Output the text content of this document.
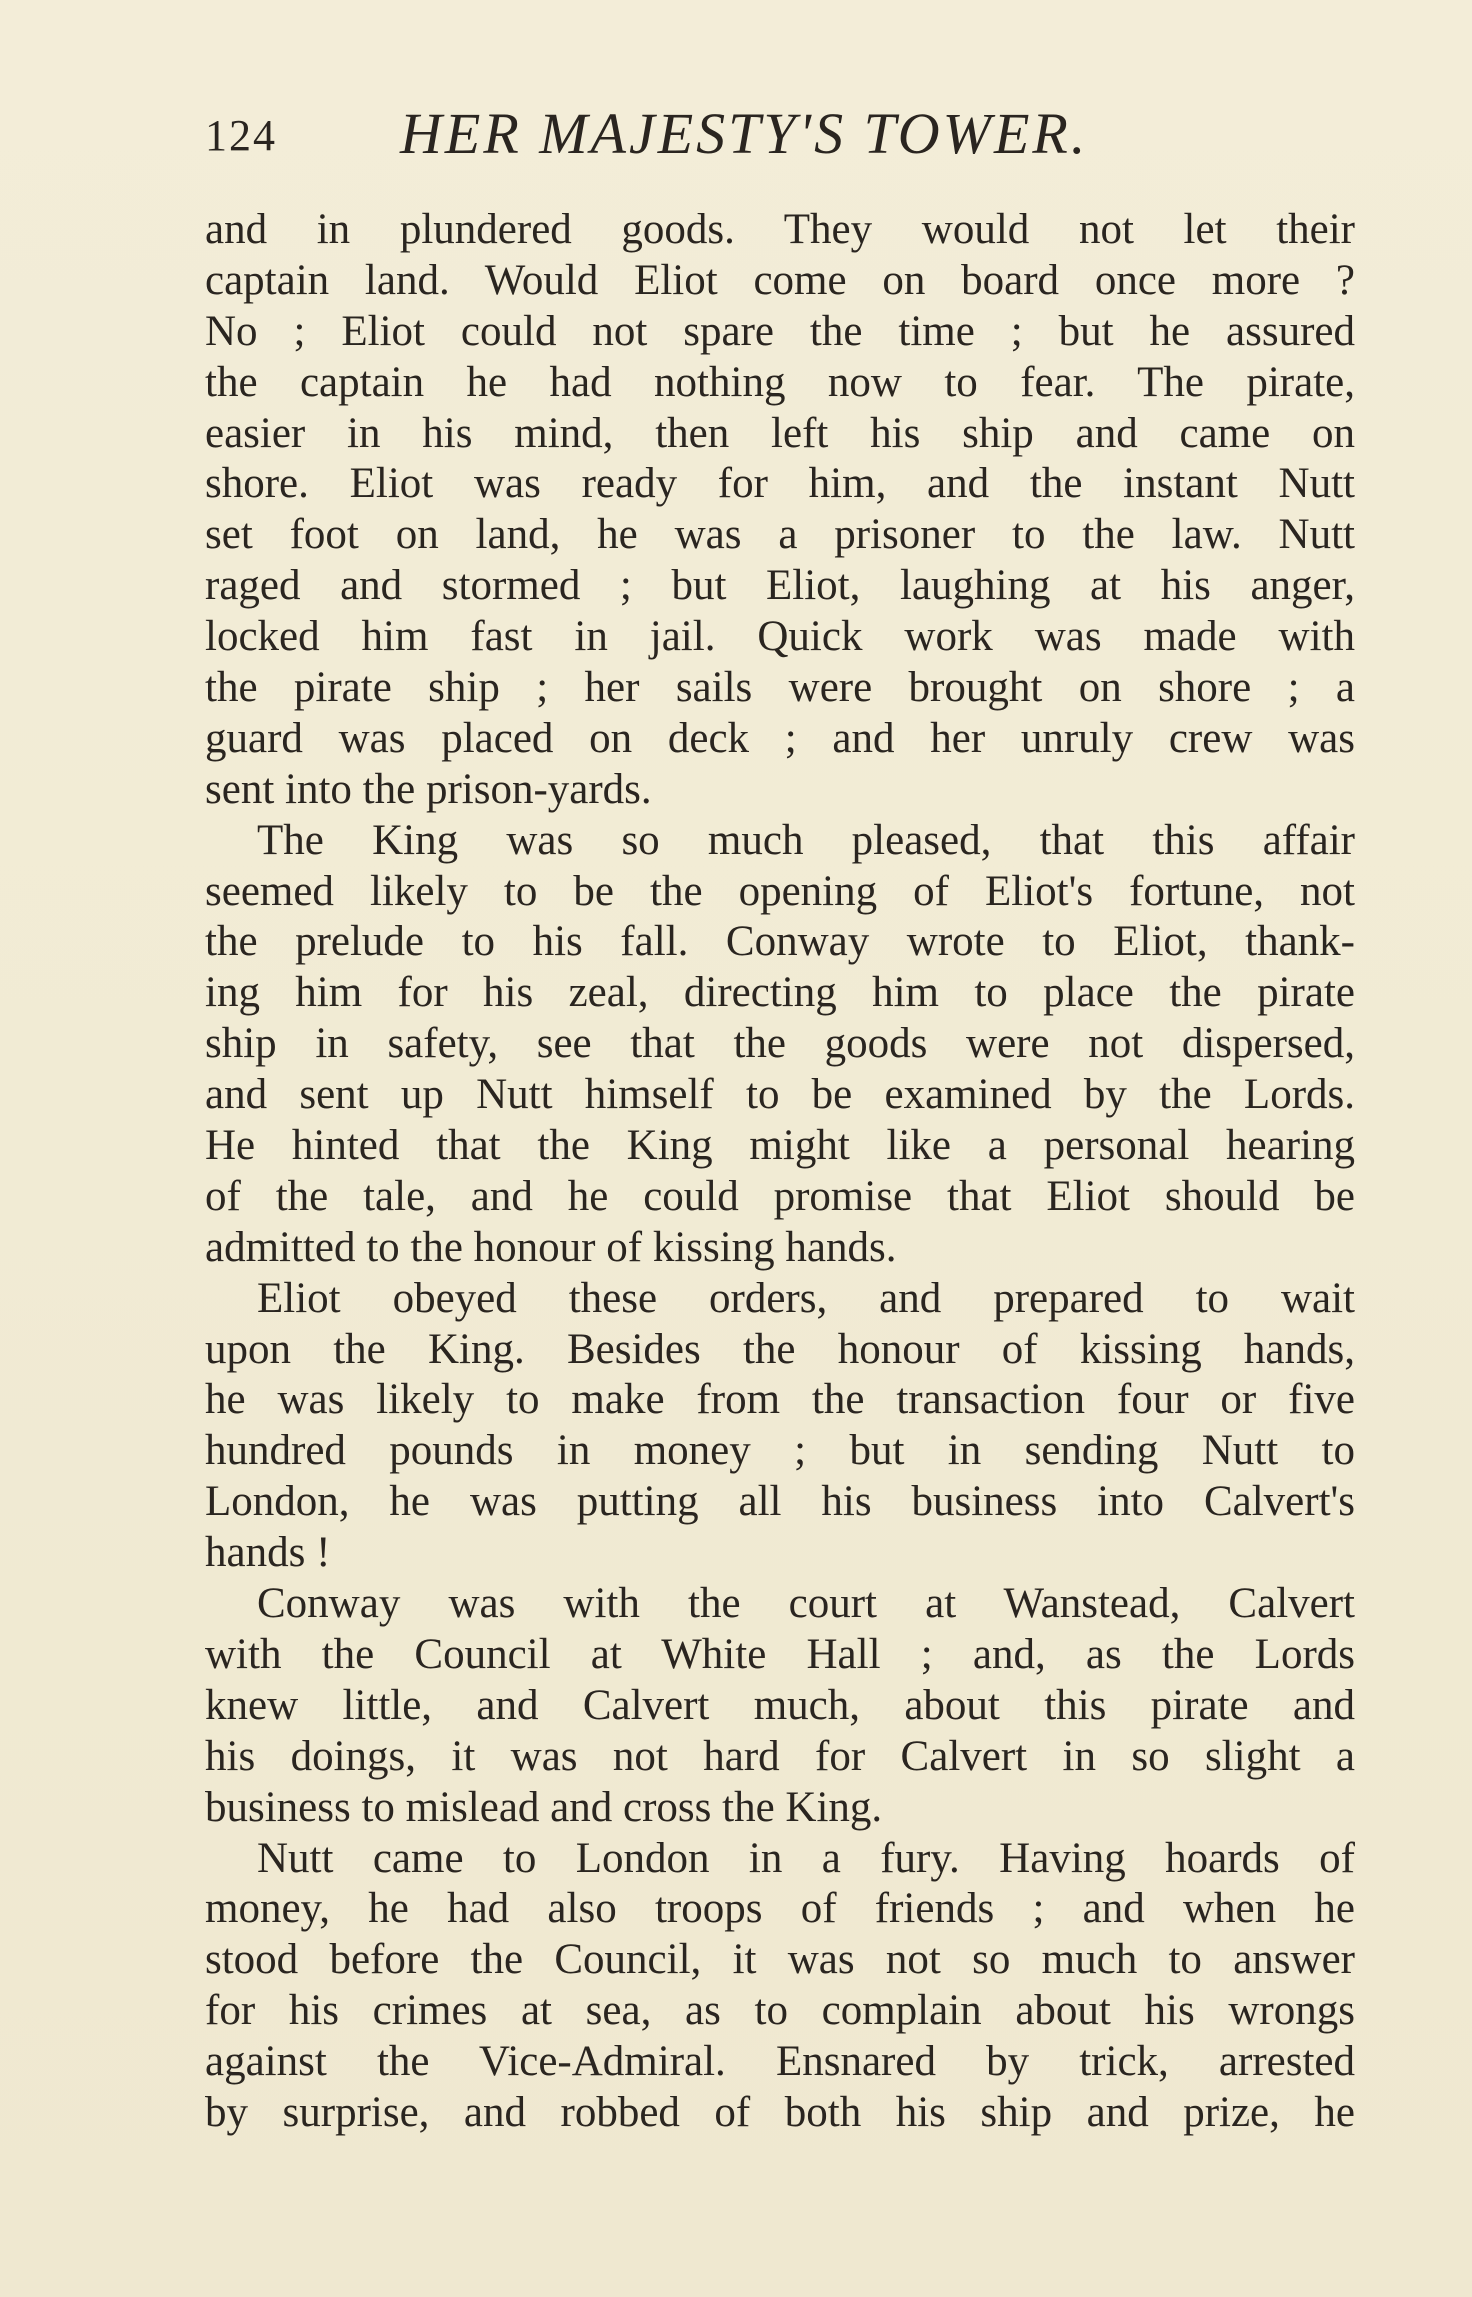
124 HER MAJESTY'S TOWER.
and in plundered goods. They would not let their
captain land. Would Eliot come on board once more ?
No ; Eliot could not spare the time ; but he assured
the captain he had nothing now to fear. The pirate,
easier in his mind, then left his ship and came on
shore. Eliot was ready for him, and the instant Nutt
set foot on land, he was a prisoner to the law. Nutt
raged and stormed ; but Eliot, laughing at his anger,
locked him fast in jail. Quick work was made with
the pirate ship ; her sails were brought on shore ; a
guard was placed on deck ; and her unruly crew was
sent into the prison-yards.
The King was so much pleased, that this affair
seemed likely to be the opening of Eliot's fortune, not
the prelude to his fall. Conway wrote to Eliot, thank-
ing him for his zeal, directing him to place the pirate
ship in safety, see that the goods were not dispersed,
and sent up Nutt himself to be examined by the Lords.
He hinted that the King might like a personal hearing
of the tale, and he could promise that Eliot should be
admitted to the honour of kissing hands.
Eliot obeyed these orders, and prepared to wait
upon the King. Besides the honour of kissing hands,
he was likely to make from the transaction four or five
hundred pounds in money ; but in sending Nutt to
London, he was putting all his business into Calvert's
hands !
Conway was with the court at Wanstead, Calvert
with the Council at White Hall ; and, as the Lords
knew little, and Calvert much, about this pirate and
his doings, it was not hard for Calvert in so slight a
business to mislead and cross the King.
Nutt came to London in a fury. Having hoards of
money, he had also troops of friends ; and when he
stood before the Council, it was not so much to answer
for his crimes at sea, as to complain about his wrongs
against the Vice-Admiral. Ensnared by trick, arrested
by surprise, and robbed of both his ship and prize, he
